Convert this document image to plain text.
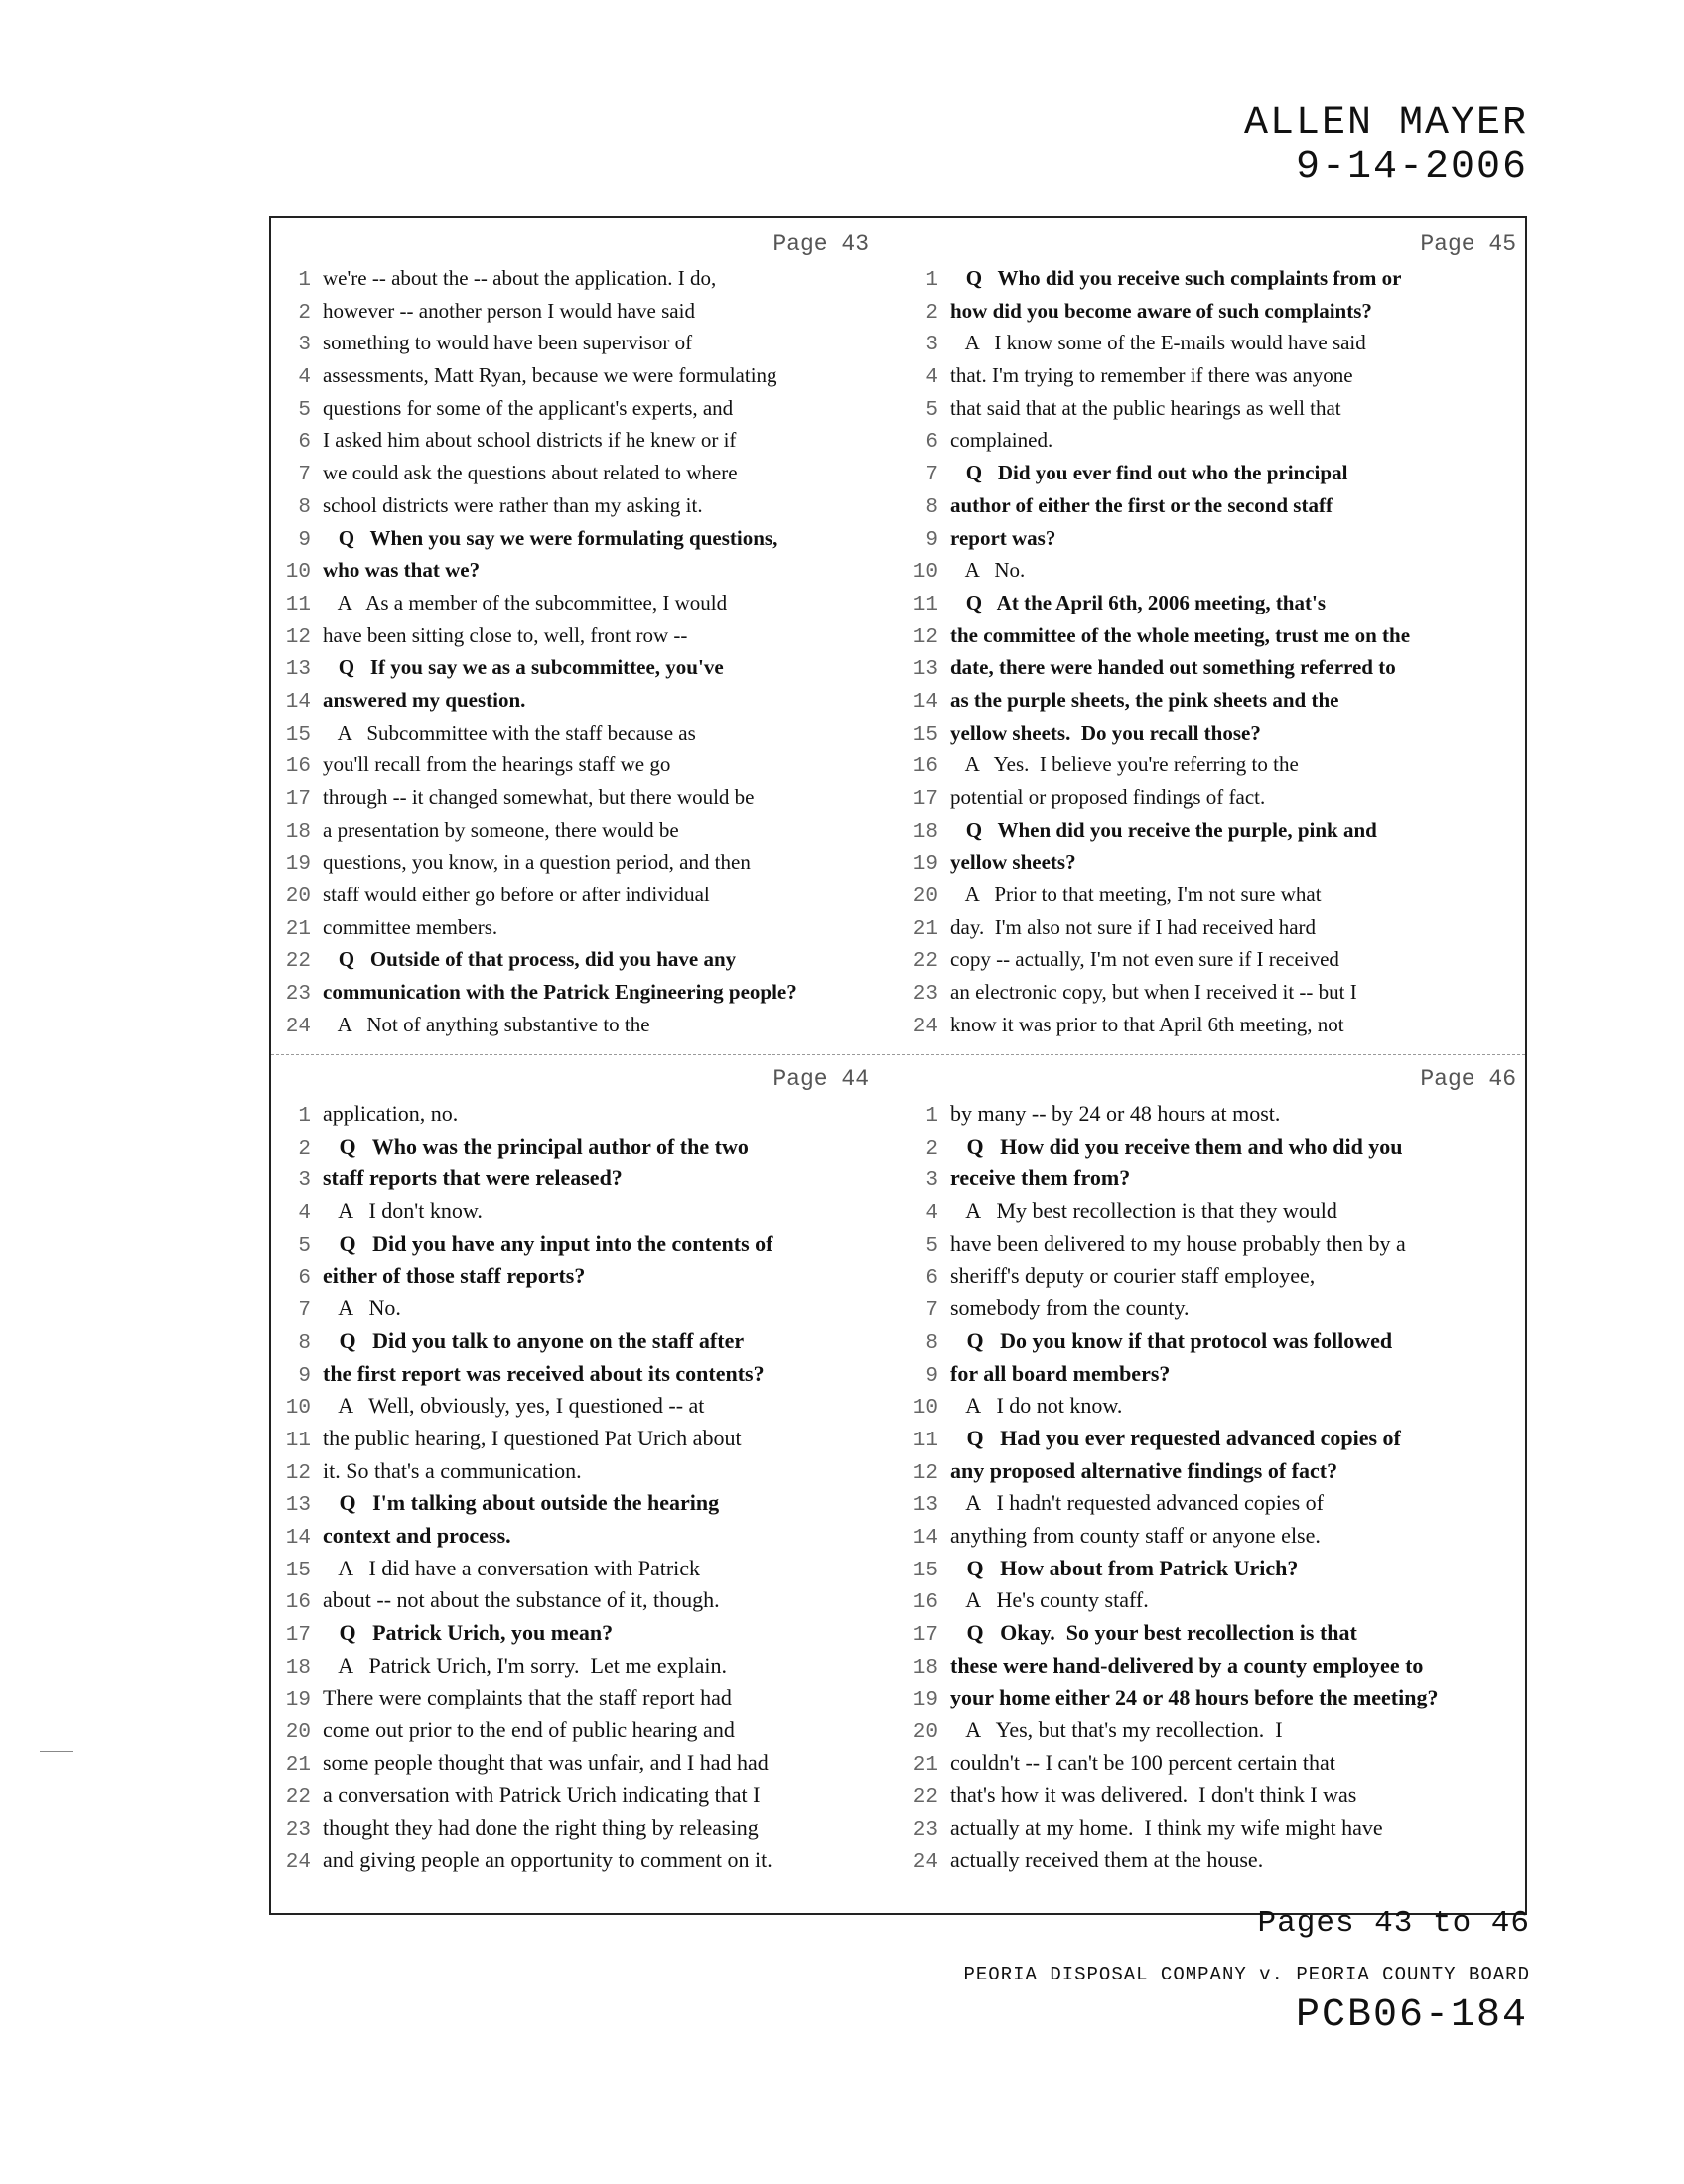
ALLEN MAYER
9-14-2006
Page 43
1 we're -- about the -- about the application. I do,
2 however -- another person I would have said
3 something to would have been supervisor of
4 assessments, Matt Ryan, because we were formulating
5 questions for some of the applicant's experts, and
6 I asked him about school districts if he knew or if
7 we could ask the questions about related to where
8 school districts were rather than my asking it.
9 Q   When you say we were formulating questions,
10 who was that we?
11 A   As a member of the subcommittee, I would
12 have been sitting close to, well, front row --
13 Q   If you say we as a subcommittee, you've
14 answered my question.
15 A   Subcommittee with the staff because as
16 you'll recall from the hearings staff we go
17 through -- it changed somewhat, but there would be
18 a presentation by someone, there would be
19 questions, you know, in a question period, and then
20 staff would either go before or after individual
21 committee members.
22 Q   Outside of that process, did you have any
23 communication with the Patrick Engineering people?
24 A   Not of anything substantive to the
Page 45
1 Q   Who did you receive such complaints from or
2 how did you become aware of such complaints?
3 A   I know some of the E-mails would have said
4 that. I'm trying to remember if there was anyone
5 that said that at the public hearings as well that
6 complained.
7 Q   Did you ever find out who the principal
8 author of either the first or the second staff
9 report was?
10 A   No.
11 Q   At the April 6th, 2006 meeting, that's
12 the committee of the whole meeting, trust me on the
13 date, there were handed out something referred to
14 as the purple sheets, the pink sheets and the
15 yellow sheets.  Do you recall those?
16 A   Yes.  I believe you're referring to the
17 potential or proposed findings of fact.
18 Q   When did you receive the purple, pink and
19 yellow sheets?
20 A   Prior to that meeting, I'm not sure what
21 day.  I'm also not sure if I had received hard
22 copy -- actually, I'm not even sure if I received
23 an electronic copy, but when I received it -- but I
24 know it was prior to that April 6th meeting, not
Page 44
1 application, no.
2 Q   Who was the principal author of the two
3 staff reports that were released?
4 A   I don't know.
5 Q   Did you have any input into the contents of
6 either of those staff reports?
7 A   No.
8 Q   Did you talk to anyone on the staff after
9 the first report was received about its contents?
10 A   Well, obviously, yes, I questioned -- at
11 the public hearing, I questioned Pat Urich about
12 it. So that's a communication.
13 Q   I'm talking about outside the hearing
14 context and process.
15 A   I did have a conversation with Patrick
16 about -- not about the substance of it, though.
17 Q   Patrick Urich, you mean?
18 A   Patrick Urich, I'm sorry.  Let me explain.
19 There were complaints that the staff report had
20 come out prior to the end of public hearing and
21 some people thought that was unfair, and I had had
22 a conversation with Patrick Urich indicating that I
23 thought they had done the right thing by releasing
24 and giving people an opportunity to comment on it.
Page 46
1 by many -- by 24 or 48 hours at most.
2 Q   How did you receive them and who did you
3 receive them from?
4 A   My best recollection is that they would
5 have been delivered to my house probably then by a
6 sheriff's deputy or courier staff employee,
7 somebody from the county.
8 Q   Do you know if that protocol was followed
9 for all board members?
10 A   I do not know.
11 Q   Had you ever requested advanced copies of
12 any proposed alternative findings of fact?
13 A   I hadn't requested advanced copies of
14 anything from county staff or anyone else.
15 Q   How about from Patrick Urich?
16 A   He's county staff.
17 Q   Okay.  So your best recollection is that
18 these were hand-delivered by a county employee to
19 your home either 24 or 48 hours before the meeting?
20 A   Yes, but that's my recollection.  I
21 couldn't -- I can't be 100 percent certain that
22 that's how it was delivered.  I don't think I was
23 actually at my home.  I think my wife might have
24 actually received them at the house.
Pages 43 to 46
PEORIA DISPOSAL COMPANY v. PEORIA COUNTY BOARD
PCB06-184
